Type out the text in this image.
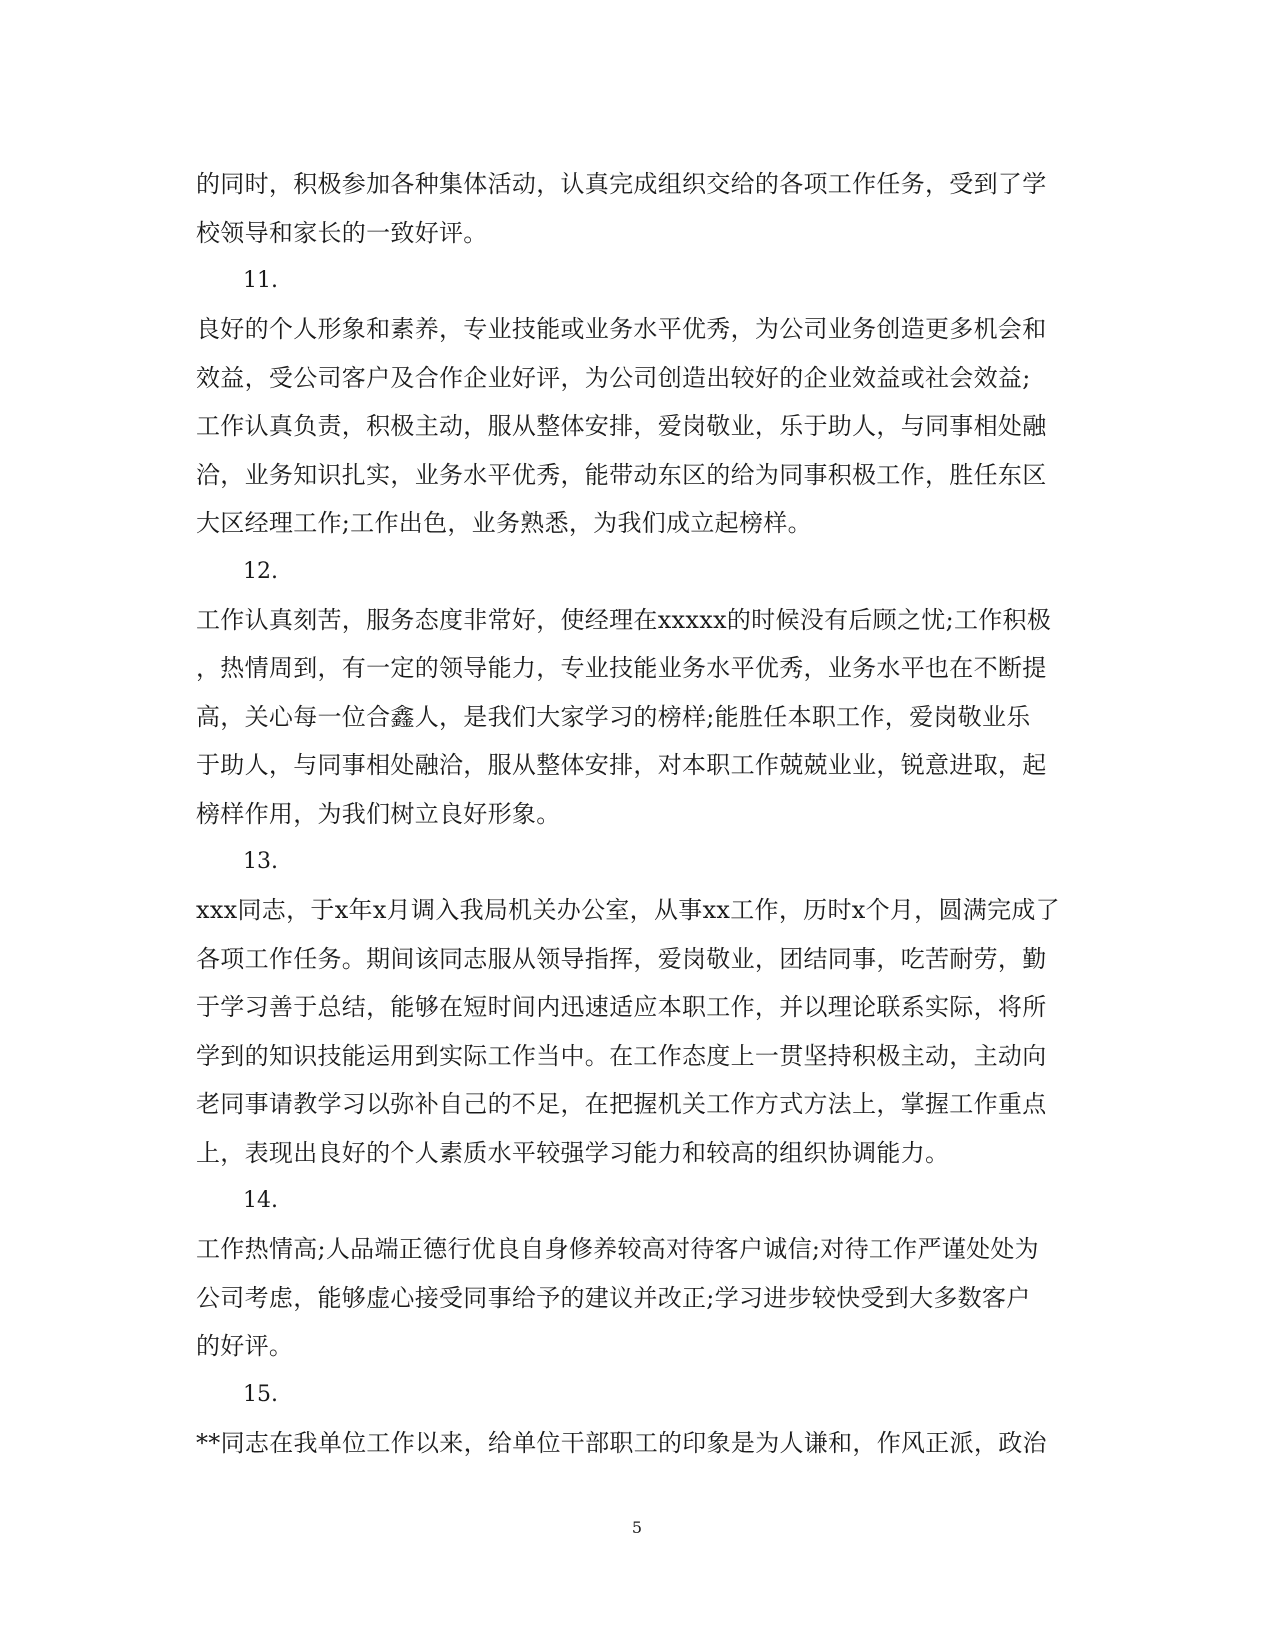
的同时，积极参加各种集体活动，认真完成组织交给的各项工作任务，受到了学
校领导和家长的一致好评。
11.
良好的个人形象和素养，专业技能或业务水平优秀，为公司业务创造更多机会和
效益，受公司客户及合作企业好评，为公司创造出较好的企业效益或社会效益;
工作认真负责，积极主动，服从整体安排，爱岗敬业，乐于助人，与同事相处融
洽，业务知识扎实，业务水平优秀，能带动东区的给为同事积极工作，胜任东区
大区经理工作;工作出色，业务熟悉，为我们成立起榜样。
12.
工作认真刻苦，服务态度非常好，使经理在xxxxx的时候没有后顾之忧;工作积极
，热情周到，有一定的领导能力，专业技能业务水平优秀，业务水平也在不断提
高，关心每一位合鑫人，是我们大家学习的榜样;能胜任本职工作，爱岗敬业乐
于助人，与同事相处融洽，服从整体安排，对本职工作兢兢业业，锐意进取，起
榜样作用，为我们树立良好形象。
13.
xxx同志，于x年x月调入我局机关办公室，从事xx工作，历时x个月，圆满完成了
各项工作任务。期间该同志服从领导指挥，爱岗敬业，团结同事，吃苦耐劳，勤
于学习善于总结，能够在短时间内迅速适应本职工作，并以理论联系实际，将所
学到的知识技能运用到实际工作当中。在工作态度上一贯坚持积极主动，主动向
老同事请教学习以弥补自己的不足，在把握机关工作方式方法上，掌握工作重点
上，表现出良好的个人素质水平较强学习能力和较高的组织协调能力。
14.
工作热情高;人品端正德行优良自身修养较高对待客户诚信;对待工作严谨处处为
公司考虑，能够虚心接受同事给予的建议并改正;学习进步较快受到大多数客户
的好评。
15.
**同志在我单位工作以来，给单位干部职工的印象是为人谦和，作风正派，政治
5
